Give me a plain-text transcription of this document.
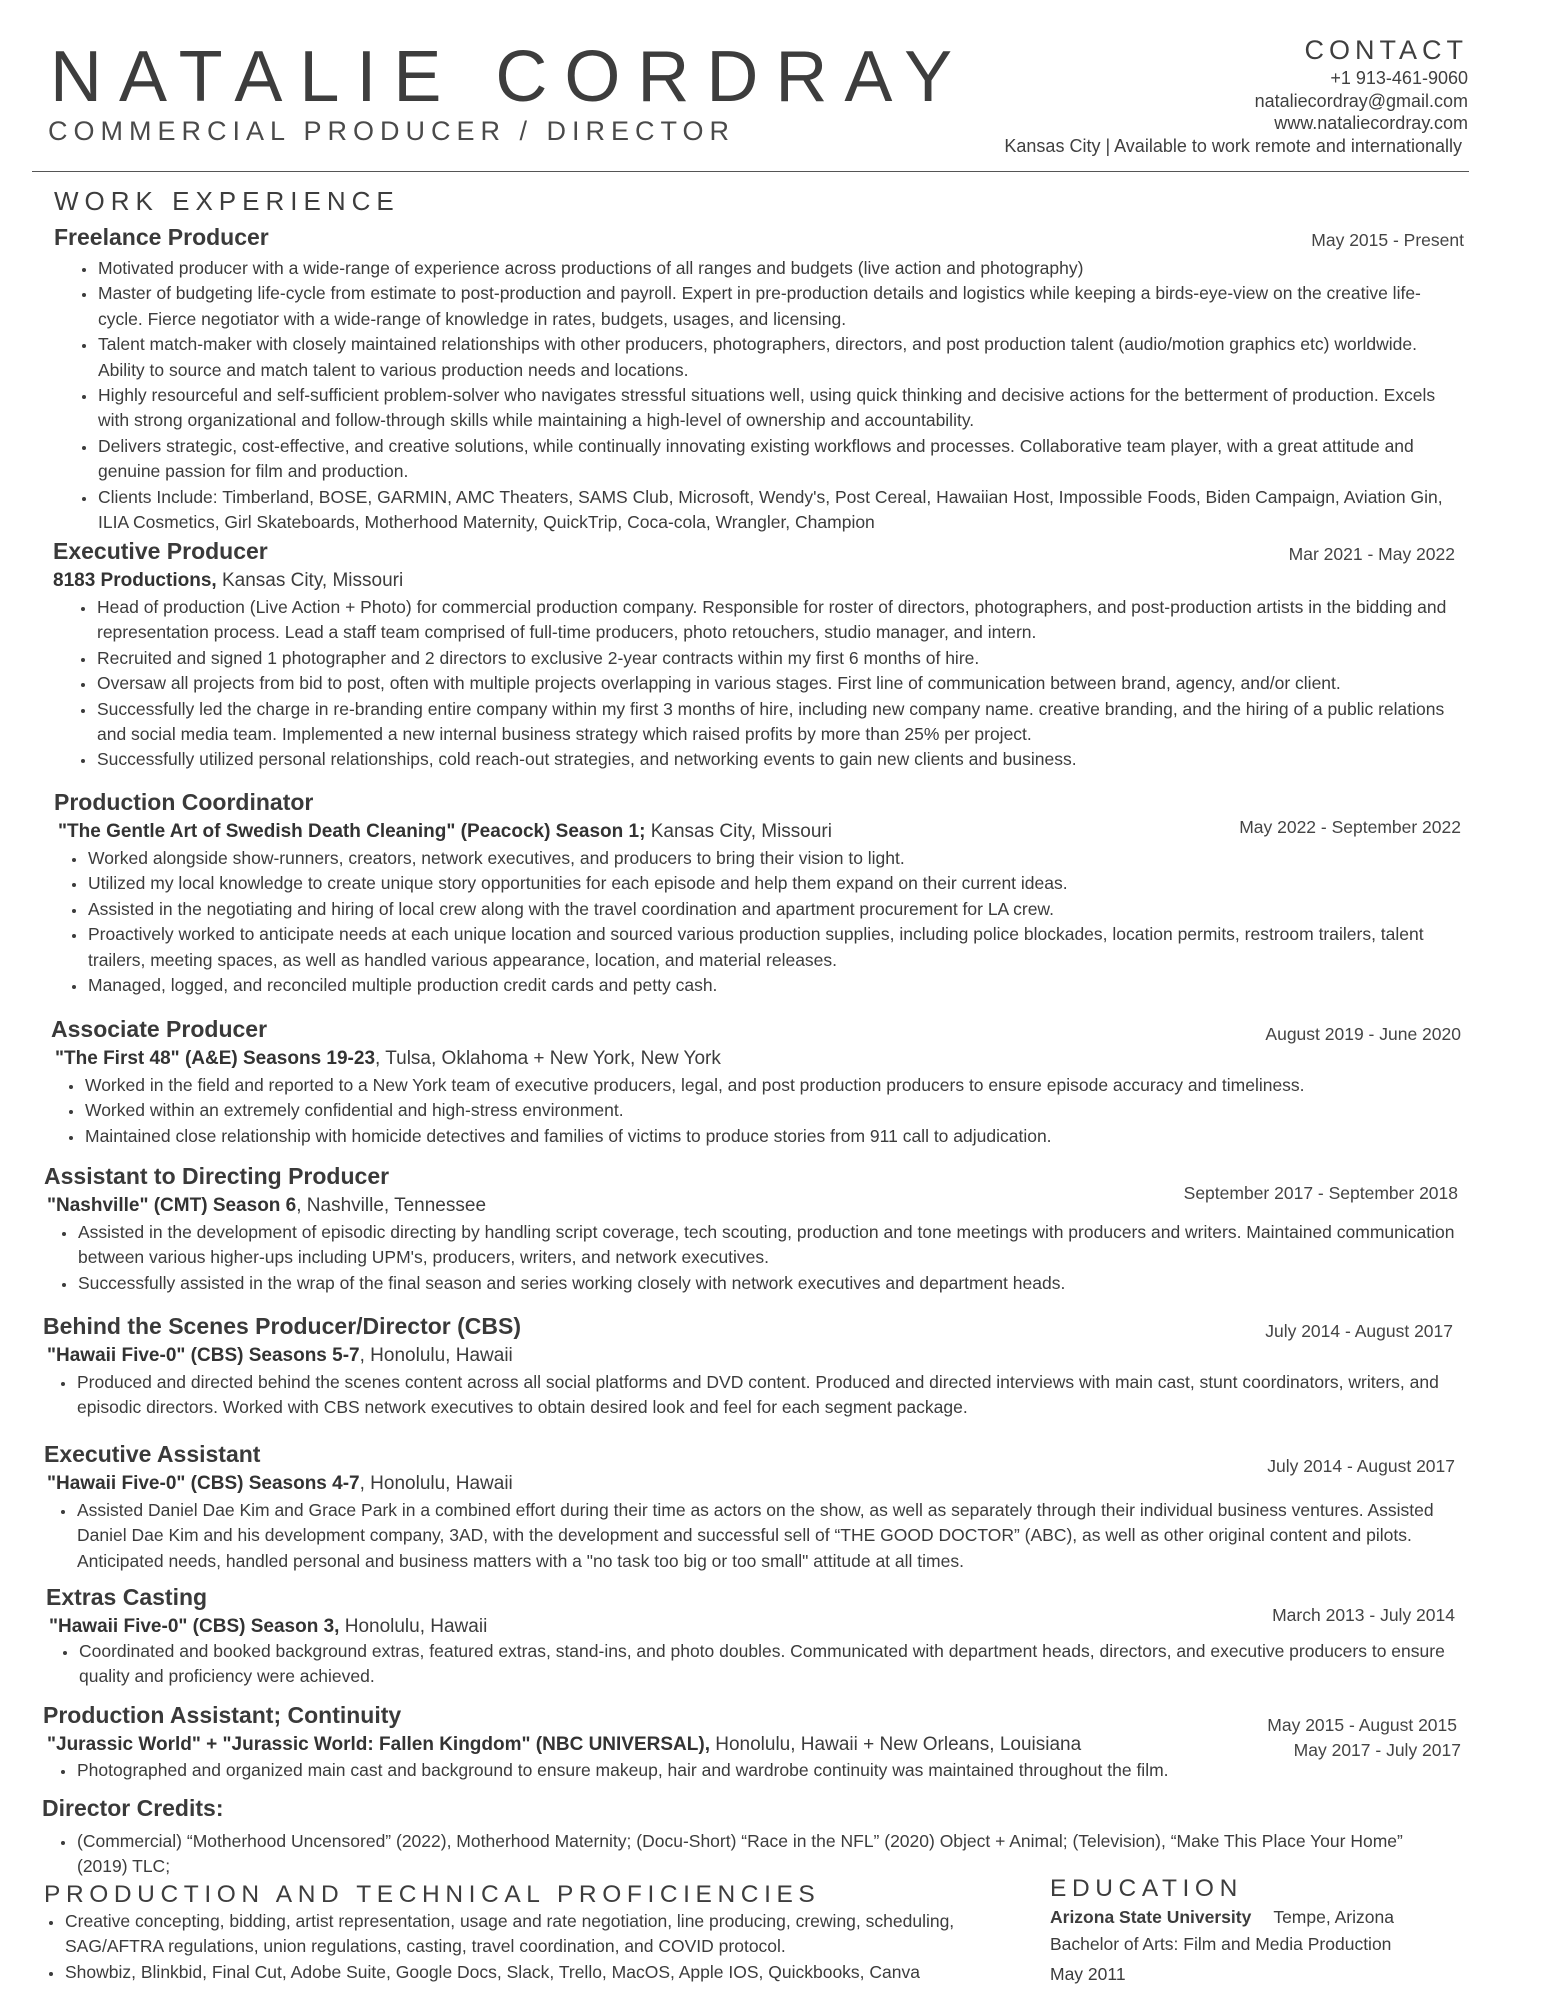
NATALIE CORDRAY
COMMERCIAL PRODUCER / DIRECTOR
CONTACT
+1 913-461-9060
nataliecordray@gmail.com
www.nataliecordray.com
Kansas City | Available to work remote and internationally
WORK EXPERIENCE
Freelance Producer	May 2015 - Present
• Motivated producer with a wide-range of experience across productions of all ranges and budgets (live action and photography)
• Master of budgeting life-cycle from estimate to post-production and payroll. Expert in pre-production details and logistics while keeping a birds-eye-view on the creative life-cycle. Fierce negotiator with a wide-range of knowledge in rates, budgets, usages, and licensing.
• Talent match-maker with closely maintained relationships with other producers, photographers, directors, and post production talent (audio/motion graphics etc) worldwide. Ability to source and match talent to various production needs and locations.
• Highly resourceful and self-sufficient problem-solver who navigates stressful situations well, using quick thinking and decisive actions for the betterment of production. Excels with strong organizational and follow-through skills while maintaining a high-level of ownership and accountability.
• Delivers strategic, cost-effective, and creative solutions, while continually innovating existing workflows and processes. Collaborative team player, with a great attitude and genuine passion for film and production.
• Clients Include: Timberland, BOSE, GARMIN, AMC Theaters, SAMS Club, Microsoft, Wendy's, Post Cereal, Hawaiian Host, Impossible Foods, Biden Campaign, Aviation Gin, ILIA Cosmetics, Girl Skateboards, Motherhood Maternity, QuickTrip, Coca-cola, Wrangler, Champion
Executive Producer	Mar 2021 - May 2022
8183 Productions, Kansas City, Missouri
• Head of production (Live Action + Photo) for commercial production company. Responsible for roster of directors, photographers, and post-production artists in the bidding and representation process. Lead a staff team comprised of full-time producers, photo retouchers, studio manager, and intern.
• Recruited and signed 1 photographer and 2 directors to exclusive 2-year contracts within my first 6 months of hire.
• Oversaw all projects from bid to post, often with multiple projects overlapping in various stages. First line of communication between brand, agency, and/or client.
• Successfully led the charge in re-branding entire company within my first 3 months of hire, including new company name. creative branding, and the hiring of a public relations and social media team. Implemented a new internal business strategy which raised profits by more than 25% per project.
• Successfully utilized personal relationships, cold reach-out strategies, and networking events to gain new clients and business.
Production Coordinator
May 2022 - September 2022
"The Gentle Art of Swedish Death Cleaning" (Peacock) Season 1; Kansas City, Missouri
• Worked alongside show-runners, creators, network executives, and producers to bring their vision to light.
• Utilized my local knowledge to create unique story opportunities for each episode and help them expand on their current ideas.
• Assisted in the negotiating and hiring of local crew along with the travel coordination and apartment procurement for LA crew.
• Proactively worked to anticipate needs at each unique location and sourced various production supplies, including police blockades, location permits, restroom trailers, talent trailers, meeting spaces, as well as handled various appearance, location, and material releases.
• Managed, logged, and reconciled multiple production credit cards and petty cash.
Associate Producer	August 2019 - June 2020
"The First 48" (A&E) Seasons 19-23, Tulsa, Oklahoma + New York, New York
• Worked in the field and reported to a New York team of executive producers, legal, and post production producers to ensure episode accuracy and timeliness.
• Worked within an extremely confidential and high-stress environment.
• Maintained close relationship with homicide detectives and families of victims to produce stories from 911 call to adjudication.
Assistant to Directing Producer
September 2017 - September 2018
"Nashville" (CMT) Season 6, Nashville, Tennessee
• Assisted in the development of episodic directing by handling script coverage, tech scouting, production and tone meetings with producers and writers. Maintained communication between various higher-ups including UPM's, producers, writers, and network executives.
• Successfully assisted in the wrap of the final season and series working closely with network executives and department heads.
Behind the Scenes Producer/Director (CBS)	July 2014 - August 2017
"Hawaii Five-0" (CBS) Seasons 5-7, Honolulu, Hawaii
• Produced and directed behind the scenes content across all social platforms and DVD content. Produced and directed interviews with main cast, stunt coordinators, writers, and episodic directors. Worked with CBS network executives to obtain desired look and feel for each segment package.
Executive Assistant	July 2014 - August 2017
"Hawaii Five-0" (CBS) Seasons 4-7, Honolulu, Hawaii
• Assisted Daniel Dae Kim and Grace Park in a combined effort during their time as actors on the show, as well as separately through their individual business ventures. Assisted Daniel Dae Kim and his development company, 3AD, with the development and successful sell of “THE GOOD DOCTOR” (ABC), as well as other original content and pilots. Anticipated needs, handled personal and business matters with a "no task too big or too small" attitude at all times.
Extras Casting
March 2013 - July 2014
"Hawaii Five-0" (CBS) Season 3, Honolulu, Hawaii
• Coordinated and booked background extras, featured extras, stand-ins, and photo doubles. Communicated with department heads, directors, and executive producers to ensure quality and proficiency were achieved.
Production Assistant; Continuity	May 2015 - August 2015
May 2017 - July 2017
"Jurassic World" + "Jurassic World: Fallen Kingdom" (NBC UNIVERSAL), Honolulu, Hawaii + New Orleans, Louisiana
• Photographed and organized main cast and background to ensure makeup, hair and wardrobe continuity was maintained throughout the film.
Director Credits:
• (Commercial) “Motherhood Uncensored” (2022), Motherhood Maternity; (Docu-Short) “Race in the NFL” (2020) Object + Animal; (Television), “Make This Place Your Home” (2019) TLC;
PRODUCTION AND TECHNICAL PROFICIENCIES
• Creative concepting, bidding, artist representation, usage and rate negotiation, line producing, crewing, scheduling, SAG/AFTRA regulations, union regulations, casting, travel coordination, and COVID protocol.
• Showbiz, Blinkbid, Final Cut, Adobe Suite, Google Docs, Slack, Trello, MacOS, Apple IOS, Quickbooks, Canva
EDUCATION
Arizona State University Tempe, Arizona
Bachelor of Arts: Film and Media Production
May 2011
